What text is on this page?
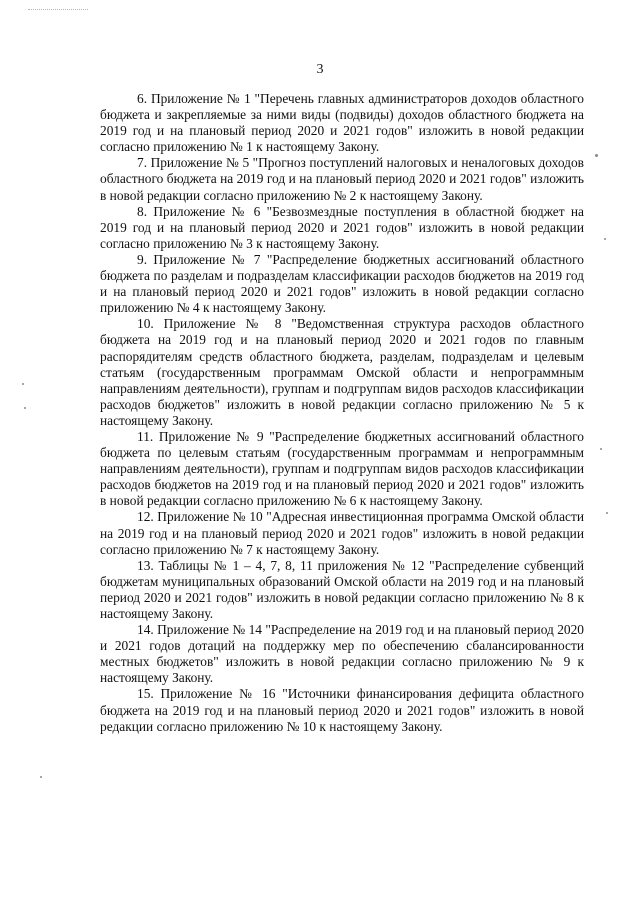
3

6. Приложение № 1 "Перечень главных администраторов доходов областного бюджета и закрепляемые за ними виды (подвиды) доходов областного бюджета на 2019 год и на плановый период 2020 и 2021 годов" изложить в новой редакции согласно приложению № 1 к настоящему Закону.

7. Приложение № 5 "Прогноз поступлений налоговых и неналоговых доходов областного бюджета на 2019 год и на плановый период 2020 и 2021 годов" изложить в новой редакции согласно приложению № 2 к настоящему Закону.

8. Приложение № 6 "Безвозмездные поступления в областной бюджет на 2019 год и на плановый период 2020 и 2021 годов" изложить в новой редакции согласно приложению № 3 к настоящему Закону.

9. Приложение № 7 "Распределение бюджетных ассигнований областного бюджета по разделам и подразделам классификации расходов бюджетов на 2019 год и на плановый период 2020 и 2021 годов" изложить в новой редакции согласно приложению № 4 к настоящему Закону.

10. Приложение № 8 "Ведомственная структура расходов областного бюджета на 2019 год и на плановый период 2020 и 2021 годов по главным распорядителям средств областного бюджета, разделам, подразделам и целевым статьям (государственным программам Омской области и непрограммным направлениям деятельности), группам и подгруппам видов расходов классификации расходов бюджетов" изложить в новой редакции согласно приложению № 5 к настоящему Закону.

11. Приложение № 9 "Распределение бюджетных ассигнований областного бюджета по целевым статьям (государственным программам и непрограммным направлениям деятельности), группам и подгруппам видов расходов классификации расходов бюджетов на 2019 год и на плановый период 2020 и 2021 годов" изложить в новой редакции согласно приложению № 6 к настоящему Закону.

12. Приложение № 10 "Адресная инвестиционная программа Омской области на 2019 год и на плановый период 2020 и 2021 годов" изложить в новой редакции согласно приложению № 7 к настоящему Закону.

13. Таблицы № 1 – 4, 7, 8, 11 приложения № 12 "Распределение субвенций бюджетам муниципальных образований Омской области на 2019 год и на плановый период 2020 и 2021 годов" изложить в новой редакции согласно приложению № 8 к настоящему Закону.

14. Приложение № 14 "Распределение на 2019 год и на плановый период 2020 и 2021 годов дотаций на поддержку мер по обеспечению сбалансированности местных бюджетов" изложить в новой редакции согласно приложению № 9 к настоящему Закону.

15. Приложение № 16 "Источники финансирования дефицита областного бюджета на 2019 год и на плановый период 2020 и 2021 годов" изложить в новой редакции согласно приложению № 10 к настоящему Закону.
